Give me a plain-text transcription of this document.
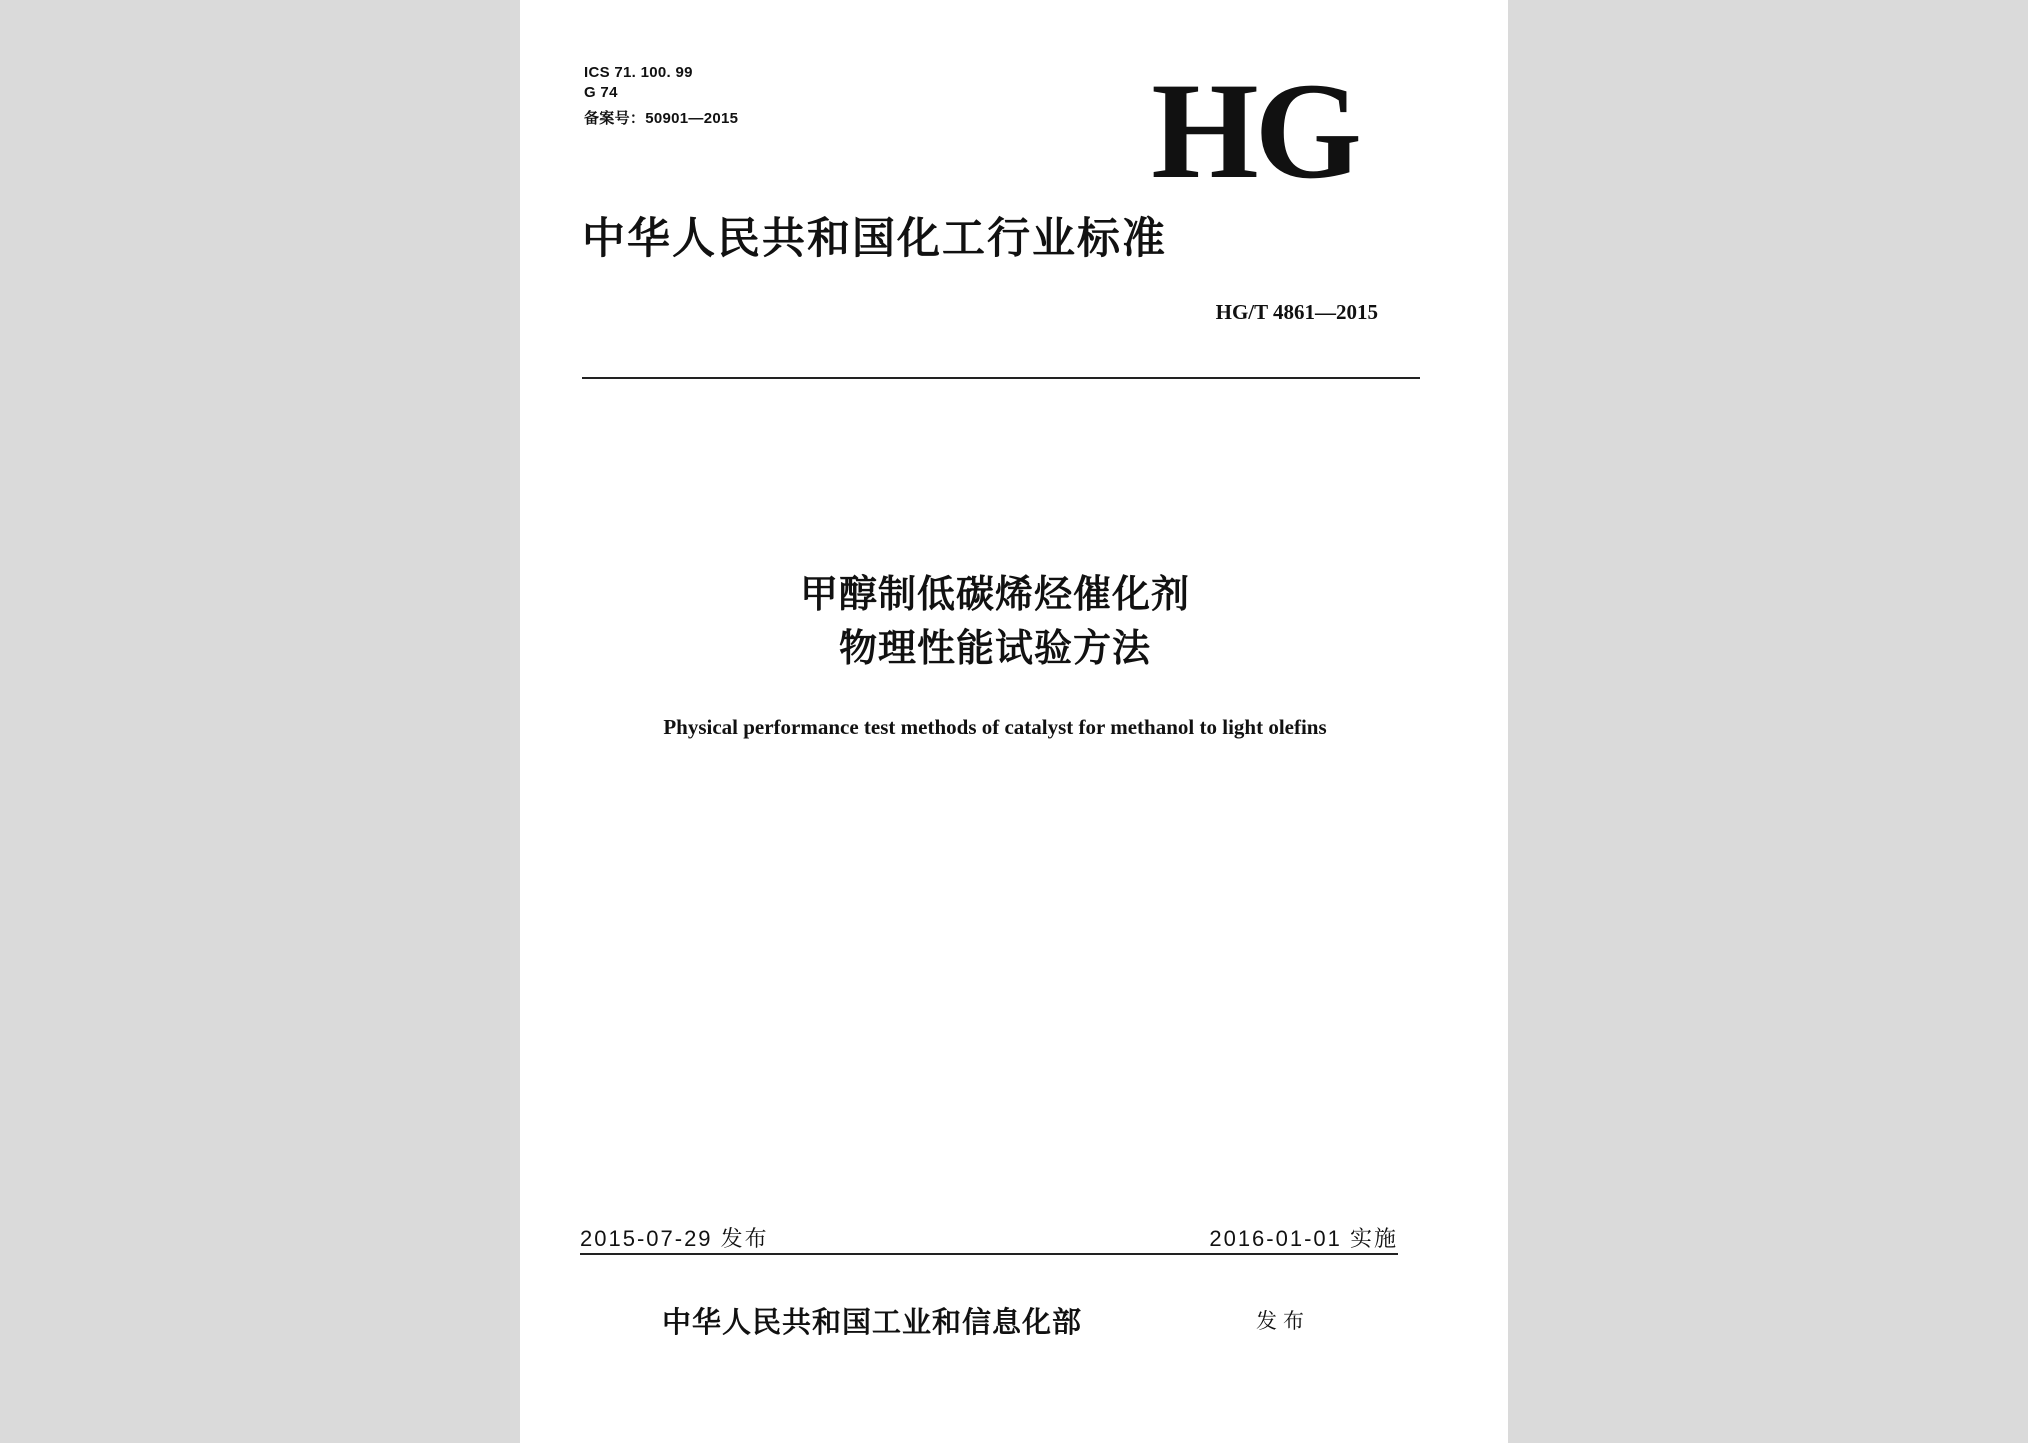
ICS 71. 100. 99
G 74
备案号：50901—2015	HG
中华人民共和国化工行业标准
HG/T 4861—2015
甲醇制低碳烯烃催化剂
物理性能试验方法
Physical performance test methods of catalyst for methanol to light olefins
2015-07-29 发布	2016-01-01 实施
中华人民共和国工业和信息化部	发布
